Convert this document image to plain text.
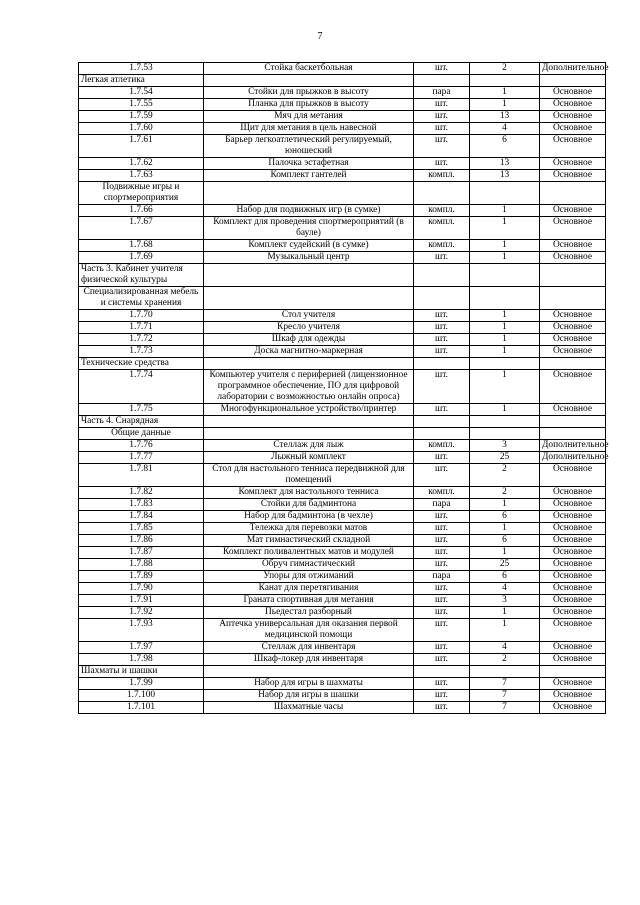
7
1.7.53	Стойка баскетбольная	шт.	2	Дополнительное
Легкая атлетика				
1.7.54	Стойки для прыжков в высоту	пара	1	Основное
1.7.55	Планка для прыжков в высоту	шт.	1	Основное
1.7.59	Мяч для метания	шт.	13	Основное
1.7.60	Щит для метания в цель навесной	шт.	4	Основное
1.7.61	Барьер легкоатлетический регулируемый, юношеский	шт.	6	Основное
1.7.62	Палочка эстафетная	шт.	13	Основное
1.7.63	Комплект гантелей	компл.	13	Основное
Подвижные игры и спортмероприятия				
1.7.66	Набор для подвижных игр (в сумке)	компл.	1	Основное
1.7.67	Комплект для проведения спортмероприятий (в бауле)	компл.	1	Основное
1.7.68	Комплект судейский (в сумке)	компл.	1	Основное
1.7.69	Музыкальный центр	шт.	1	Основное
Часть 3. Кабинет учителя физической культуры				
Специализированная мебель и системы хранения				
1.7.70	Стол учителя	шт.	1	Основное
1.7.71	Кресло учителя	шт.	1	Основное
1.7.72	Шкаф для одежды	шт.	1	Основное
1.7.73	Доска магнитно-маркерная	шт.	1	Основное
Технические средства				
1.7.74	Компьютер учителя с периферией (лицензионное программное обеспечение, ПО для цифровой лаборатории с возможностью онлайн опроса)	шт.	1	Основное
1.7.75	Многофункциональное устройство/принтер	шт.	1	Основное
Часть 4. Снарядная				
Общие данные				
1.7.76	Стеллаж для лыж	компл.	3	Дополнительное
1.7.77	Лыжный комплект	шт.	25	Дополнительное
1.7.81	Стол для настольного тенниса передвижной для помещений	шт.	2	Основное
1.7.82	Комплект для настольного тенниса	компл.	2	Основное
1.7.83	Стойки для бадминтона	пара	1	Основное
1.7.84	Набор для бадминтона (в чехле)	шт.	6	Основное
1.7.85	Тележка для перевозки матов	шт.	1	Основное
1.7.86	Мат гимнастический складной	шт.	6	Основное
1.7.87	Комплект поливалентных матов и модулей	шт.	1	Основное
1.7.88	Обруч гимнастический	шт.	25	Основное
1.7.89	Упоры для отжиманий	пара	6	Основное
1.7.90	Канат для перетягивания	шт.	4	Основное
1.7.91	Граната спортивная для метания	шт.	3	Основное
1.7.92	Пьедестал разборный	шт.	1	Основное
1.7.93	Аптечка универсальная для оказания первой медицинской помощи	шт.	1	Основное
1.7.97	Стеллаж для инвентаря	шт.	4	Основное
1.7.98	Шкаф-локер для инвентаря	шт.	2	Основное
Шахматы и шашки				
1.7.99	Набор для игры в шахматы	шт.	7	Основное
1.7.100	Набор для игры в шашки	шт.	7	Основное
1.7.101	Шахматные часы	шт.	7	Основное
